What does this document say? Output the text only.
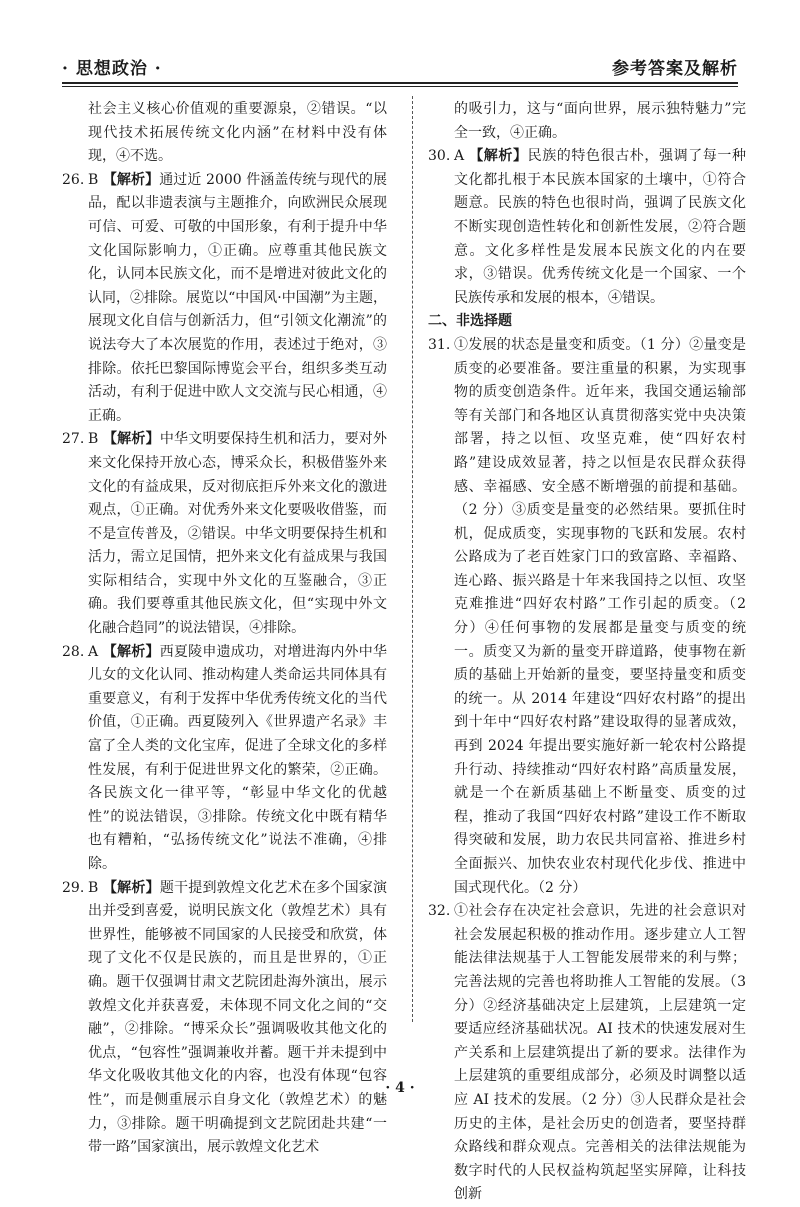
· 思想政治 ·	参考答案及解析
社会主义核心价值观的重要源泉，②错误。“以现代技术拓展传统文化内涵”在材料中没有体现，④不选。
26. B 【解析】通过近 2000 件涵盖传统与现代的展品，配以非遗表演与主题推介，向欧洲民众展现可信、可爱、可敬的中国形象，有利于提升中华文化国际影响力，①正确。应尊重其他民族文化，认同本民族文化，而不是增进对彼此文化的认同，②排除。展览以“中国风·中国潮”为主题，展现文化自信与创新活力，但“引领文化潮流”的说法夸大了本次展览的作用，表述过于绝对，③排除。依托巴黎国际博览会平台，组织多类互动活动，有利于促进中欧人文交流与民心相通，④正确。
27. B 【解析】中华文明要保持生机和活力，要对外来文化保持开放心态，博采众长，积极借鉴外来文化的有益成果，反对彻底拒斥外来文化的激进观点，①正确。对优秀外来文化要吸收借鉴，而不是宣传普及，②错误。中华文明要保持生机和活力，需立足国情，把外来文化有益成果与我国实际相结合，实现中外文化的互鉴融合，③正确。我们要尊重其他民族文化，但“实现中外文化融合趋同”的说法错误，④排除。
28. A 【解析】西夏陵申遗成功，对增进海内外中华儿女的文化认同、推动构建人类命运共同体具有重要意义，有利于发挥中华优秀传统文化的当代价值，①正确。西夏陵列入《世界遗产名录》丰富了全人类的文化宝库，促进了全球文化的多样性发展，有利于促进世界文化的繁荣，②正确。各民族文化一律平等，“彰显中华文化的优越性”的说法错误，③排除。传统文化中既有精华也有糟粕，“弘扬传统文化”说法不准确，④排除。
29. B 【解析】题干提到敦煌文化艺术在多个国家演出并受到喜爱，说明民族文化（敦煌艺术）具有世界性，能够被不同国家的人民接受和欣赏，体现了文化不仅是民族的，而且是世界的，①正确。题干仅强调甘肃文艺院团赴海外演出，展示敦煌文化并获喜爱，未体现不同文化之间的“交融”，②排除。“博采众长”强调吸收其他文化的优点，“包容性”强调兼收并蓄。题干并未提到中华文化吸收其他文化的内容，也没有体现“包容性”，而是侧重展示自身文化（敦煌艺术）的魅力，③排除。题干明确提到文艺院团赴共建“一带一路”国家演出，展示敦煌文化艺术
的吸引力，这与“面向世界，展示独特魅力”完全一致，④正确。
30. A 【解析】民族的特色很古朴，强调了每一种文化都扎根于本民族本国家的土壤中，①符合题意。民族的特色也很时尚，强调了民族文化不断实现创造性转化和创新性发展，②符合题意。文化多样性是发展本民族文化的内在要求，③错误。优秀传统文化是一个国家、一个民族传承和发展的根本，④错误。
二、非选择题
31. ①发展的状态是量变和质变。（1 分）②量变是质变的必要准备。要注重量的积累，为实现事物的质变创造条件。近年来，我国交通运输部等有关部门和各地区认真贯彻落实党中央决策部署，持之以恒、攻坚克难，使“四好农村路”建设成效显著，持之以恒是农民群众获得感、幸福感、安全感不断增强的前提和基础。（2 分）③质变是量变的必然结果。要抓住时机，促成质变，实现事物的飞跃和发展。农村公路成为了老百姓家门口的致富路、幸福路、连心路、振兴路是十年来我国持之以恒、攻坚克难推进“四好农村路”工作引起的质变。（2 分）④任何事物的发展都是量变与质变的统一。质变又为新的量变开辟道路，使事物在新质的基础上开始新的量变，要坚持量变和质变的统一。从 2014 年建设“四好农村路”的提出到十年中“四好农村路”建设取得的显著成效，再到 2024 年提出要实施好新一轮农村公路提升行动、持续推动“四好农村路”高质量发展，就是一个在新质基础上不断量变、质变的过程，推动了我国“四好农村路”建设工作不断取得突破和发展，助力农民共同富裕、推进乡村全面振兴、加快农业农村现代化步伐、推进中国式现代化。（2 分）
32. ①社会存在决定社会意识，先进的社会意识对社会发展起积极的推动作用。逐步建立人工智能法律法规基于人工智能发展带来的利与弊；完善法规的完善也将助推人工智能的发展。（3 分）②经济基础决定上层建筑，上层建筑一定要适应经济基础状况。AI 技术的快速发展对生产关系和上层建筑提出了新的要求。法律作为上层建筑的重要组成部分，必须及时调整以适应 AI 技术的发展。（2 分）③人民群众是社会历史的主体，是社会历史的创造者，要坚持群众路线和群众观点。完善相关的法律法规能为数字时代的人民权益构筑起坚实屏障，让科技创新
· 4 ·
